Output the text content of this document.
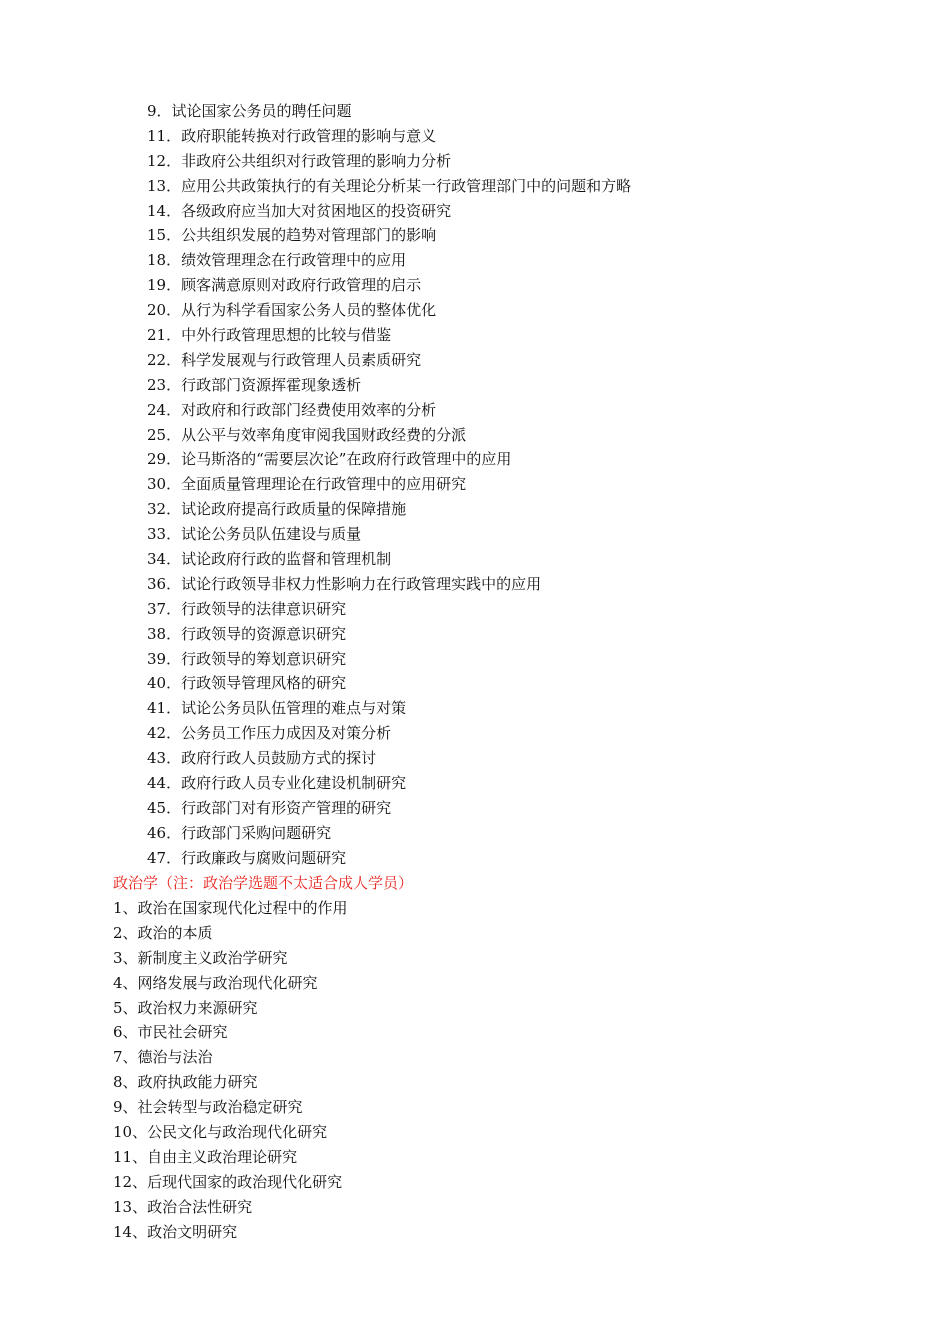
9．试论国家公务员的聘任问题
11．政府职能转换对行政管理的影响与意义
12．非政府公共组织对行政管理的影响力分析
13．应用公共政策执行的有关理论分析某一行政管理部门中的问题和方略
14．各级政府应当加大对贫困地区的投资研究
15．公共组织发展的趋势对管理部门的影响
18．绩效管理理念在行政管理中的应用
19．顾客满意原则对政府行政管理的启示
20．从行为科学看国家公务人员的整体优化
21．中外行政管理思想的比较与借鉴
22．科学发展观与行政管理人员素质研究
23．行政部门资源挥霍现象透析
24．对政府和行政部门经费使用效率的分析
25．从公平与效率角度审阅我国财政经费的分派
29．论马斯洛的“需要层次论”在政府行政管理中的应用
30．全面质量管理理论在行政管理中的应用研究
32．试论政府提高行政质量的保障措施
33．试论公务员队伍建设与质量
34．试论政府行政的监督和管理机制
36．试论行政领导非权力性影响力在行政管理实践中的应用
37．行政领导的法律意识研究
38．行政领导的资源意识研究
39．行政领导的筹划意识研究
40．行政领导管理风格的研究
41．试论公务员队伍管理的难点与对策
42．公务员工作压力成因及对策分析
43．政府行政人员鼓励方式的探讨
44．政府行政人员专业化建设机制研究
45．行政部门对有形资产管理的研究
46．行政部门采购问题研究
47．行政廉政与腐败问题研究
政治学（注：政治学选题不太适合成人学员）
1、政治在国家现代化过程中的作用
2、政治的本质
3、新制度主义政治学研究
4、网络发展与政治现代化研究
5、政治权力来源研究
6、市民社会研究
7、德治与法治
8、政府执政能力研究
9、社会转型与政治稳定研究
10、公民文化与政治现代化研究
11、自由主义政治理论研究
12、后现代国家的政治现代化研究
13、政治合法性研究
14、政治文明研究
